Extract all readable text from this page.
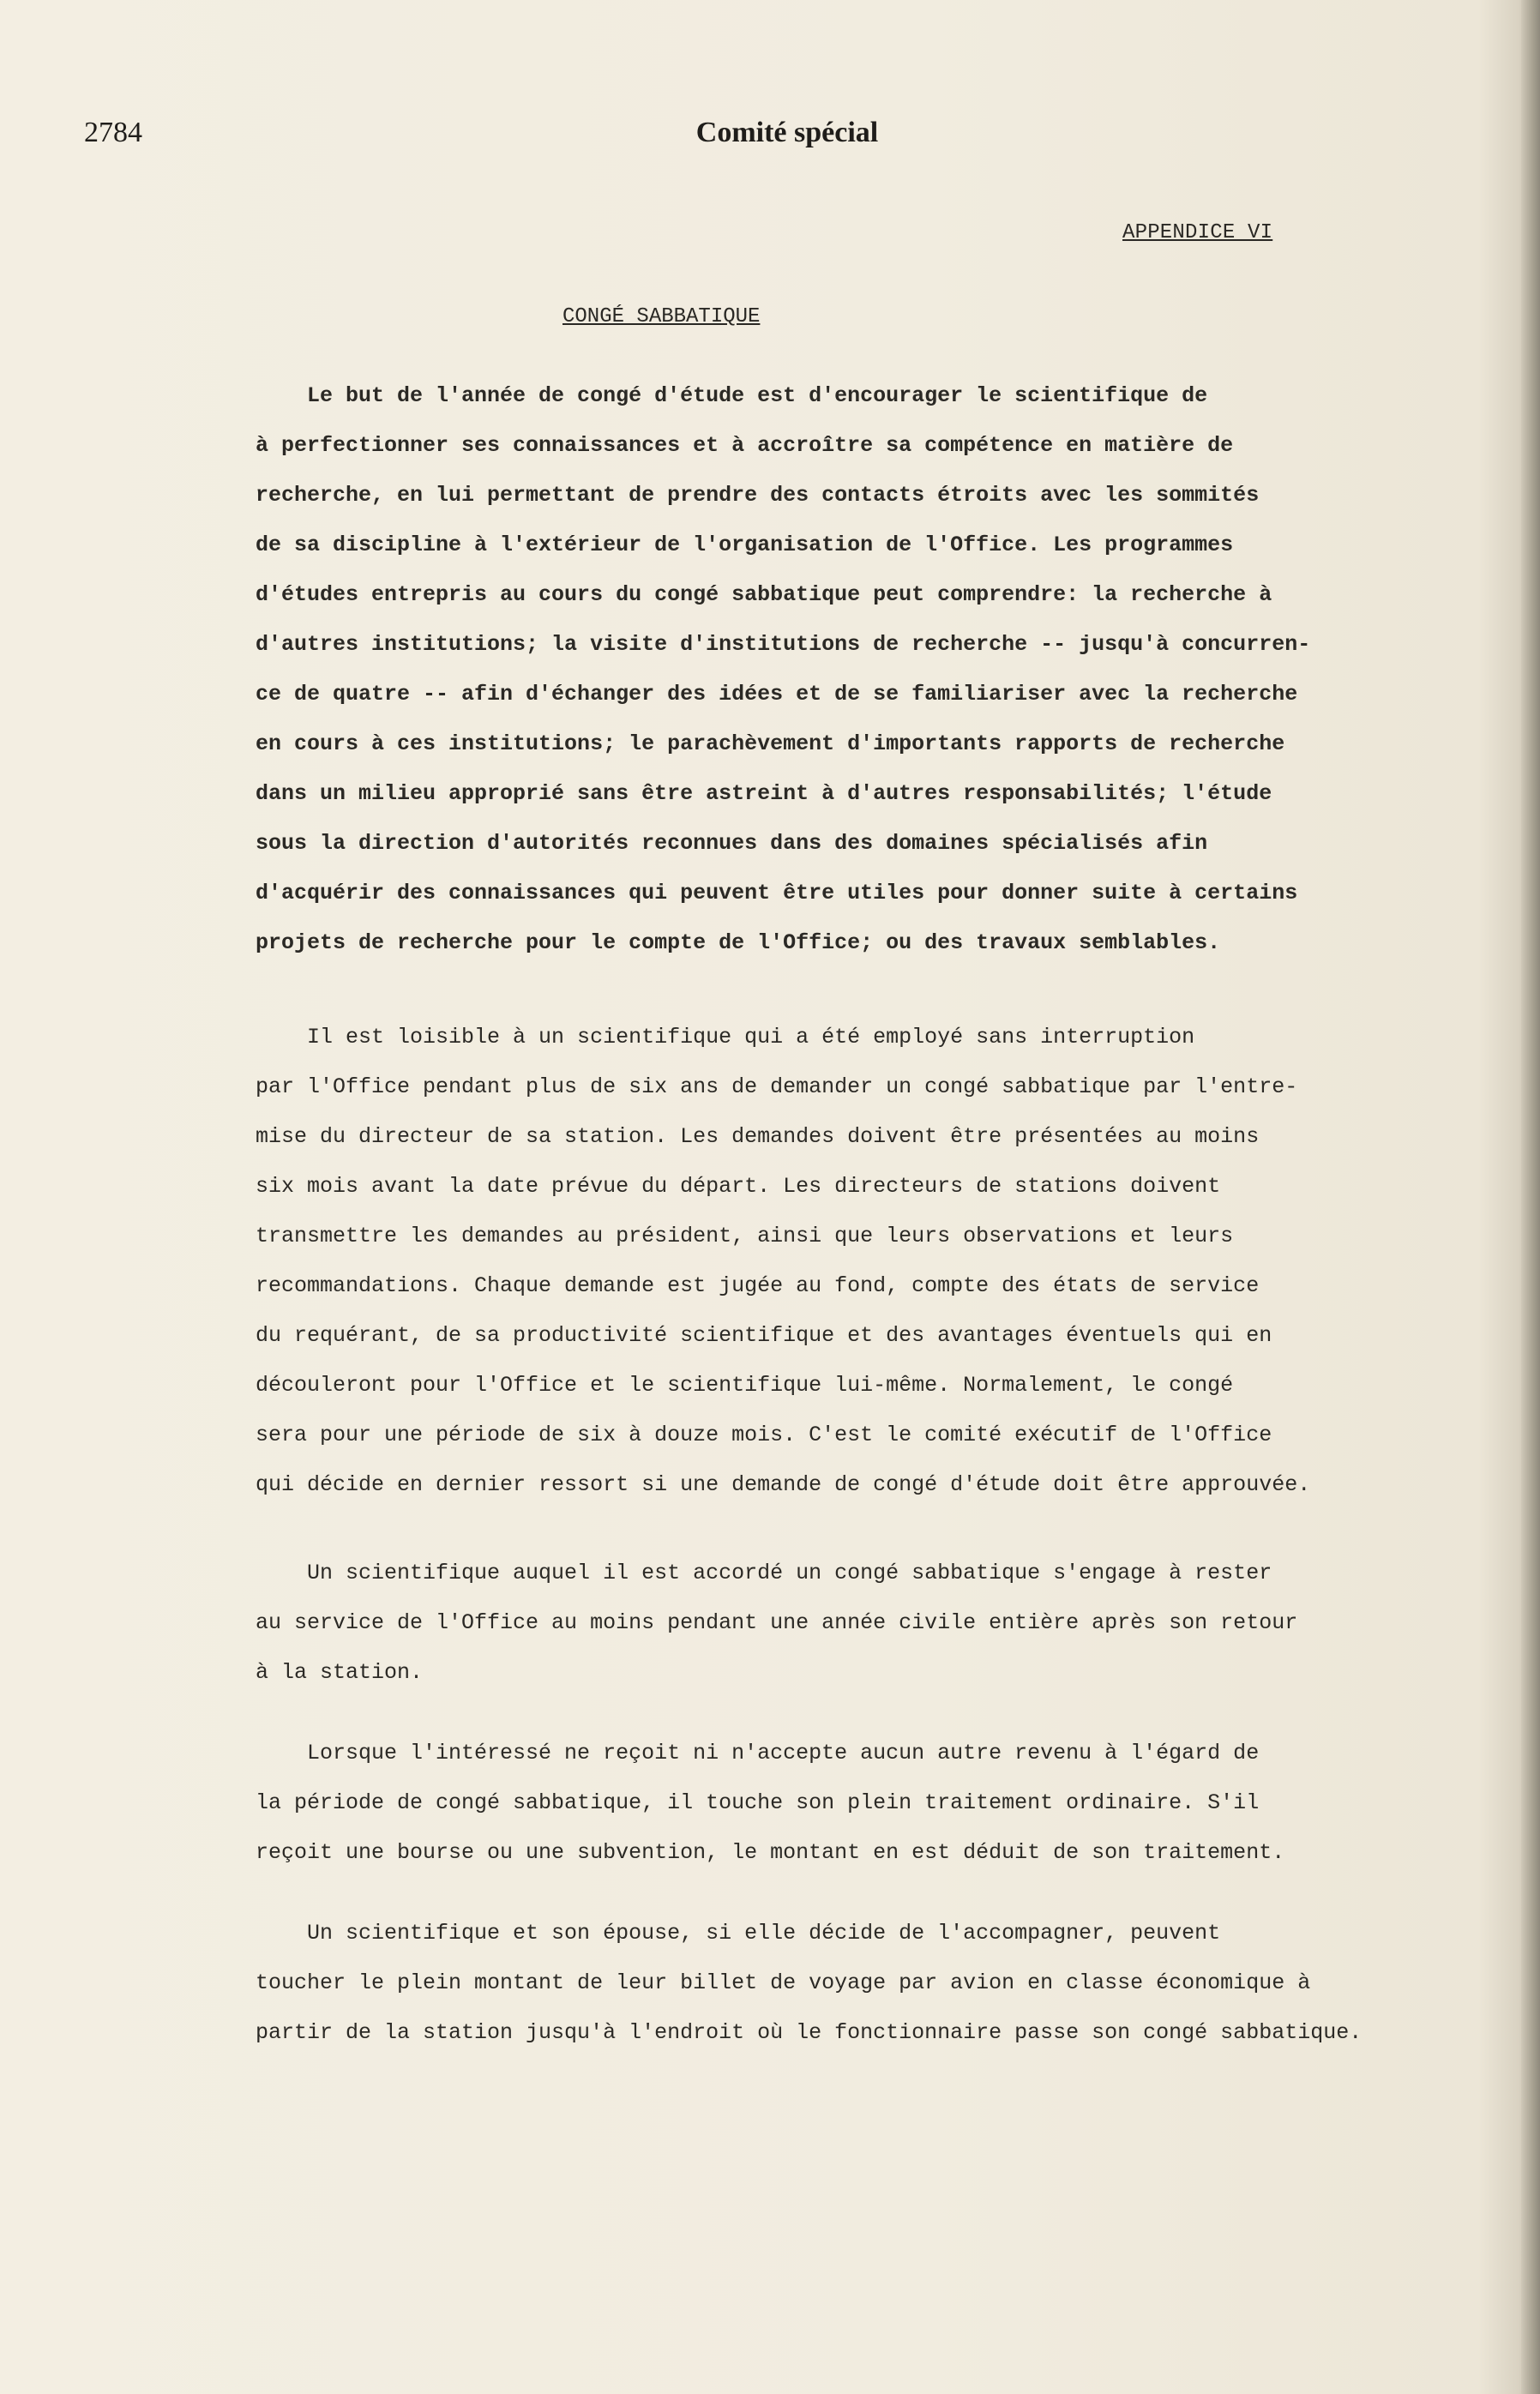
2784	Comité spécial

APPENDICE VI

CONGÉ SABBATIQUE

Le but de l'année de congé d'étude est d'encourager le scientifique de

à perfectionner ses connaissances et à accroître sa compétence en matière de

recherche, en lui permettant de prendre des contacts étroits avec les sommités

de sa discipline à l'extérieur de l'organisation de l'Office. Les programmes

d'études entrepris au cours du congé sabbatique peut comprendre: la recherche à

d'autres institutions; la visite d'institutions de recherche -- jusqu'à concurren-

ce de quatre -- afin d'échanger des idées et de se familiariser avec la recherche

en cours à ces institutions; le parachèvement d'importants rapports de recherche

dans un milieu approprié sans être astreint à d'autres responsabilités; l'étude

sous la direction d'autorités reconnues dans des domaines spécialisés afin

d'acquérir des connaissances qui peuvent être utiles pour donner suite à certains

projets de recherche pour le compte de l'Office; ou des travaux semblables.

Il est loisible à un scientifique qui a été employé sans interruption

par l'Office pendant plus de six ans de demander un congé sabbatique par l'entre-

mise du directeur de sa station. Les demandes doivent être présentées au moins

six mois avant la date prévue du départ. Les directeurs de stations doivent

transmettre les demandes au président, ainsi que leurs observations et leurs

recommandations. Chaque demande est jugée au fond, compte des états de service

du requérant, de sa productivité scientifique et des avantages éventuels qui en

découleront pour l'Office et le scientifique lui-même. Normalement, le congé

sera pour une période de six à douze mois. C'est le comité exécutif de l'Office

qui décide en dernier ressort si une demande de congé d'étude doit être approuvée.

Un scientifique auquel il est accordé un congé sabbatique s'engage à rester

au service de l'Office au moins pendant une année civile entière après son retour

à la station.

Lorsque l'intéressé ne reçoit ni n'accepte aucun autre revenu à l'égard de

la période de congé sabbatique, il touche son plein traitement ordinaire. S'il

reçoit une bourse ou une subvention, le montant en est déduit de son traitement.

Un scientifique et son épouse, si elle décide de l'accompagner, peuvent

toucher le plein montant de leur billet de voyage par avion en classe économique à

partir de la station jusqu'à l'endroit où le fonctionnaire passe son congé sabbatique.
